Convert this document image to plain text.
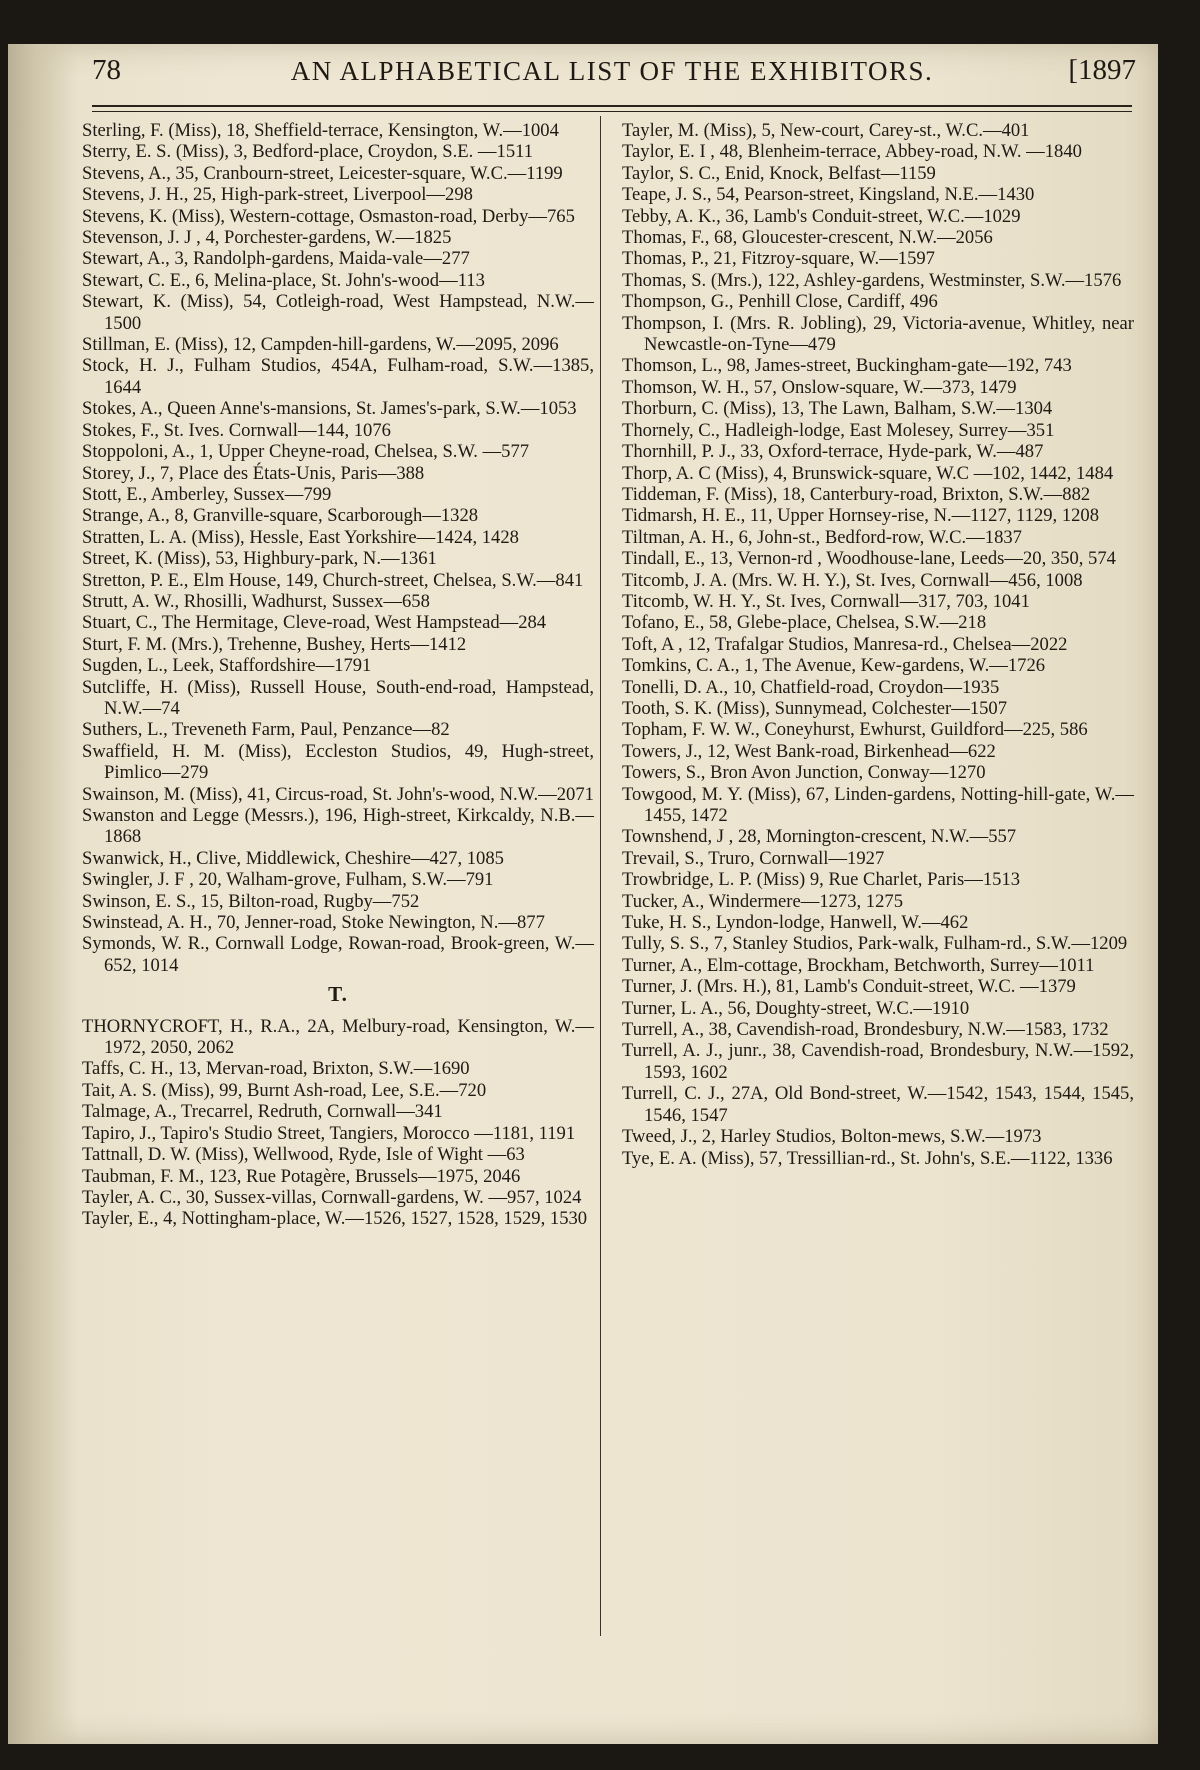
78	AN ALPHABETICAL LIST OF THE EXHIBITORS.	[1897

Sterling, F. (Miss), 18, Sheffield-terrace, Kensington, W.—1004

Sterry, E. S. (Miss), 3, Bedford-place, Croydon, S.E. —1511

Stevens, A., 35, Cranbourn-street, Leicester-square, W.C.—1199

Stevens, J. H., 25, High-park-street, Liverpool—298

Stevens, K. (Miss), Western-cottage, Osmaston-road, Derby—765

Stevenson, J. J , 4, Porchester-gardens, W.—1825

Stewart, A., 3, Randolph-gardens, Maida-vale—277

Stewart, C. E., 6, Melina-place, St. John's-wood—113

Stewart, K. (Miss), 54, Cotleigh-road, West Hampstead, N.W.—1500

Stillman, E. (Miss), 12, Campden-hill-gardens, W.—2095, 2096

Stock, H. J., Fulham Studios, 454A, Fulham-road, S.W.—1385, 1644

Stokes, A., Queen Anne's-mansions, St. James's-park, S.W.—1053

Stokes, F., St. Ives. Cornwall—144, 1076

Stoppoloni, A., 1, Upper Cheyne-road, Chelsea, S.W. —577

Storey, J., 7, Place des États-Unis, Paris—388

Stott, E., Amberley, Sussex—799

Strange, A., 8, Granville-square, Scarborough—1328

Stratten, L. A. (Miss), Hessle, East Yorkshire—1424, 1428

Street, K. (Miss), 53, Highbury-park, N.—1361

Stretton, P. E., Elm House, 149, Church-street, Chelsea, S.W.—841

Strutt, A. W., Rhosilli, Wadhurst, Sussex—658

Stuart, C., The Hermitage, Cleve-road, West Hampstead—284

Sturt, F. M. (Mrs.), Trehenne, Bushey, Herts—1412

Sugden, L., Leek, Staffordshire—1791

Sutcliffe, H. (Miss), Russell House, South-end-road, Hampstead, N.W.—74

Suthers, L., Treveneth Farm, Paul, Penzance—82

Swaffield, H. M. (Miss), Eccleston Studios, 49, Hugh-street, Pimlico—279

Swainson, M. (Miss), 41, Circus-road, St. John's-wood, N.W.—2071

Swanston and Legge (Messrs.), 196, High-street, Kirkcaldy, N.B.—1868

Swanwick, H., Clive, Middlewick, Cheshire—427, 1085

Swingler, J. F , 20, Walham-grove, Fulham, S.W.—791

Swinson, E. S., 15, Bilton-road, Rugby—752

Swinstead, A. H., 70, Jenner-road, Stoke Newington, N.—877

Symonds, W. R., Cornwall Lodge, Rowan-road, Brook-green, W.—652, 1014

T.

THORNYCROFT, H., R.A., 2A, Melbury-road, Kensington, W.—1972, 2050, 2062

Taffs, C. H., 13, Mervan-road, Brixton, S.W.—1690

Tait, A. S. (Miss), 99, Burnt Ash-road, Lee, S.E.—720

Talmage, A., Trecarrel, Redruth, Cornwall—341

Tapiro, J., Tapiro's Studio Street, Tangiers, Morocco —1181, 1191

Tattnall, D. W. (Miss), Wellwood, Ryde, Isle of Wight —63

Taubman, F. M., 123, Rue Potagère, Brussels—1975, 2046

Tayler, A. C., 30, Sussex-villas, Cornwall-gardens, W. —957, 1024

Tayler, E., 4, Nottingham-place, W.—1526, 1527, 1528, 1529, 1530

Tayler, M. (Miss), 5, New-court, Carey-st., W.C.—401

Taylor, E. I , 48, Blenheim-terrace, Abbey-road, N.W. —1840

Taylor, S. C., Enid, Knock, Belfast—1159

Teape, J. S., 54, Pearson-street, Kingsland, N.E.—1430

Tebby, A. K., 36, Lamb's Conduit-street, W.C.—1029

Thomas, F., 68, Gloucester-crescent, N.W.—2056

Thomas, P., 21, Fitzroy-square, W.—1597

Thomas, S. (Mrs.), 122, Ashley-gardens, Westminster, S.W.—1576

Thompson, G., Penhill Close, Cardiff, 496

Thompson, I. (Mrs. R. Jobling), 29, Victoria-avenue, Whitley, near Newcastle-on-Tyne—479

Thomson, L., 98, James-street, Buckingham-gate—192, 743

Thomson, W. H., 57, Onslow-square, W.—373, 1479

Thorburn, C. (Miss), 13, The Lawn, Balham, S.W.—1304

Thornely, C., Hadleigh-lodge, East Molesey, Surrey—351

Thornhill, P. J., 33, Oxford-terrace, Hyde-park, W.—487

Thorp, A. C (Miss), 4, Brunswick-square, W.C —102, 1442, 1484

Tiddeman, F. (Miss), 18, Canterbury-road, Brixton, S.W.—882

Tidmarsh, H. E., 11, Upper Hornsey-rise, N.—1127, 1129, 1208

Tiltman, A. H., 6, John-st., Bedford-row, W.C.—1837

Tindall, E., 13, Vernon-rd , Woodhouse-lane, Leeds—20, 350, 574

Titcomb, J. A. (Mrs. W. H. Y.), St. Ives, Cornwall—456, 1008

Titcomb, W. H. Y., St. Ives, Cornwall—317, 703, 1041

Tofano, E., 58, Glebe-place, Chelsea, S.W.—218

Toft, A , 12, Trafalgar Studios, Manresa-rd., Chelsea—2022

Tomkins, C. A., 1, The Avenue, Kew-gardens, W.—1726

Tonelli, D. A., 10, Chatfield-road, Croydon—1935

Tooth, S. K. (Miss), Sunnymead, Colchester—1507

Topham, F. W. W., Coneyhurst, Ewhurst, Guildford—225, 586

Towers, J., 12, West Bank-road, Birkenhead—622

Towers, S., Bron Avon Junction, Conway—1270

Towgood, M. Y. (Miss), 67, Linden-gardens, Notting-hill-gate, W.—1455, 1472

Townshend, J , 28, Mornington-crescent, N.W.—557

Trevail, S., Truro, Cornwall—1927

Trowbridge, L. P. (Miss) 9, Rue Charlet, Paris—1513

Tucker, A., Windermere—1273, 1275

Tuke, H. S., Lyndon-lodge, Hanwell, W.—462

Tully, S. S., 7, Stanley Studios, Park-walk, Fulham-rd., S.W.—1209

Turner, A., Elm-cottage, Brockham, Betchworth, Surrey—1011

Turner, J. (Mrs. H.), 81, Lamb's Conduit-street, W.C. —1379

Turner, L. A., 56, Doughty-street, W.C.—1910

Turrell, A., 38, Cavendish-road, Brondesbury, N.W.—1583, 1732

Turrell, A. J., junr., 38, Cavendish-road, Brondesbury, N.W.—1592, 1593, 1602

Turrell, C. J., 27A, Old Bond-street, W.—1542, 1543, 1544, 1545, 1546, 1547

Tweed, J., 2, Harley Studios, Bolton-mews, S.W.—1973

Tye, E. A. (Miss), 57, Tressillian-rd., St. John's, S.E.—1122, 1336
